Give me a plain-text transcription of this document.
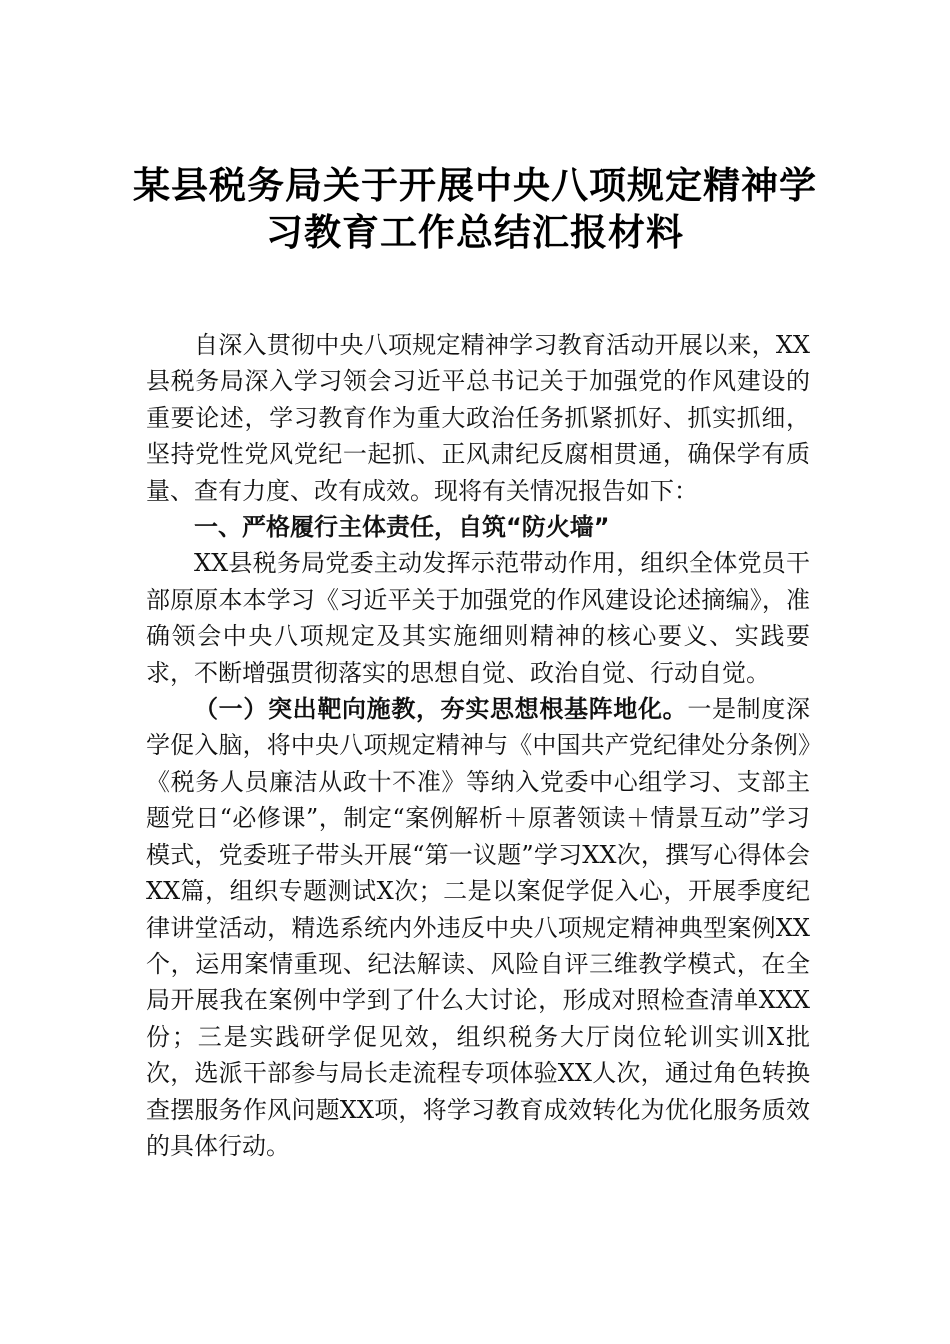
某县税务局关于开展中央八项规定精神学
习教育工作总结汇报材料

自深入贯彻中央八项规定精神学习教育活动开展以来，XX县税务局深入学习领会习近平总书记关于加强党的作风建设的重要论述，学习教育作为重大政治任务抓紧抓好、抓实抓细，坚持党性党风党纪一起抓、正风肃纪反腐相贯通，确保学有质量、查有力度、改有成效。现将有关情况报告如下：

一、严格履行主体责任，自筑“防火墙”

XX县税务局党委主动发挥示范带动作用，组织全体党员干部原原本本学习《习近平关于加强党的作风建设论述摘编》，准确领会中央八项规定及其实施细则精神的核心要义、实践要求，不断增强贯彻落实的思想自觉、政治自觉、行动自觉。

（一）突出靶向施教，夯实思想根基阵地化。一是制度深学促入脑，将中央八项规定精神与《中国共产党纪律处分条例》《税务人员廉洁从政十不准》等纳入党委中心组学习、支部主题党日“必修课”，制定“案例解析＋原著领读＋情景互动”学习模式，党委班子带头开展“第一议题”学习XX次，撰写心得体会XX篇，组织专题测试X次；二是以案促学促入心，开展季度纪律讲堂活动，精选系统内外违反中央八项规定精神典型案例XX个，运用案情重现、纪法解读、风险自评三维教学模式，在全局开展我在案例中学到了什么大讨论，形成对照检查清单XXX份；三是实践研学促见效，组织税务大厅岗位轮训实训X批次，选派干部参与局长走流程专项体验XX人次，通过角色转换查摆服务作风问题XX项，将学习教育成效转化为优化服务质效的具体行动。
